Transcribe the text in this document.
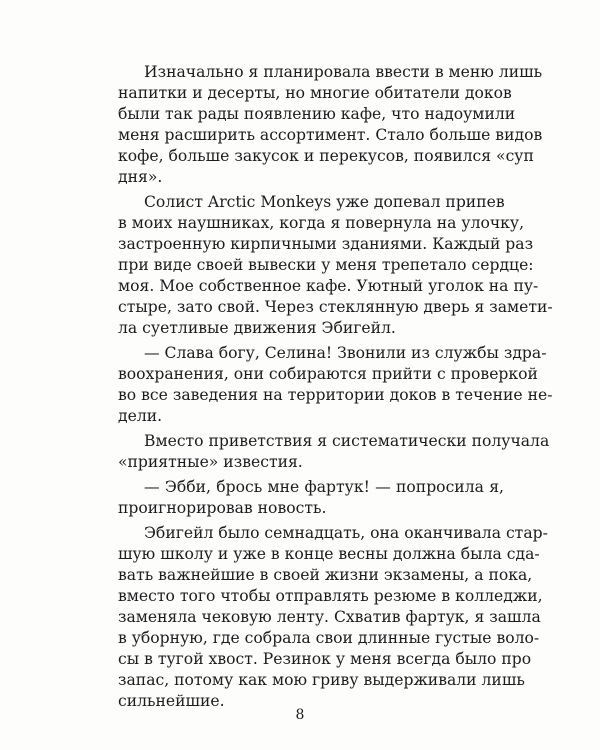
Изначально я планировала ввести в меню лишь
напитки и десерты, но многие обитатели доков
были так рады появлению кафе, что надоумили
меня расширить ассортимент. Стало больше видов
кофе, больше закусок и перекусов, появился «суп
дня».
Солист Arctic Monkeys уже допевал припев
в моих наушниках, когда я повернула на улочку,
застроенную кирпичными зданиями. Каждый раз
при виде своей вывески у меня трепетало сердце:
моя. Мое собственное кафе. Уютный уголок на пу-
стыре, зато свой. Через стеклянную дверь я замети-
ла суетливые движения Эбигейл.
— Слава богу, Селина! Звонили из службы здра-
воохранения, они собираются прийти с проверкой
во все заведения на территории доков в течение не-
дели.
Вместо приветствия я систематически получала
«приятные» известия.
— Эбби, брось мне фартук! — попросила я,
проигнорировав новость.
Эбигейл было семнадцать, она оканчивала стар-
шую школу и уже в конце весны должна была сда-
вать важнейшие в своей жизни экзамены, а пока,
вместо того чтобы отправлять резюме в колледжи,
заменяла чековую ленту. Схватив фартук, я зашла
в уборную, где собрала свои длинные густые воло-
сы в тугой хвост. Резинок у меня всегда было про
запас, потому как мою гриву выдерживали лишь
сильнейшие.
8
